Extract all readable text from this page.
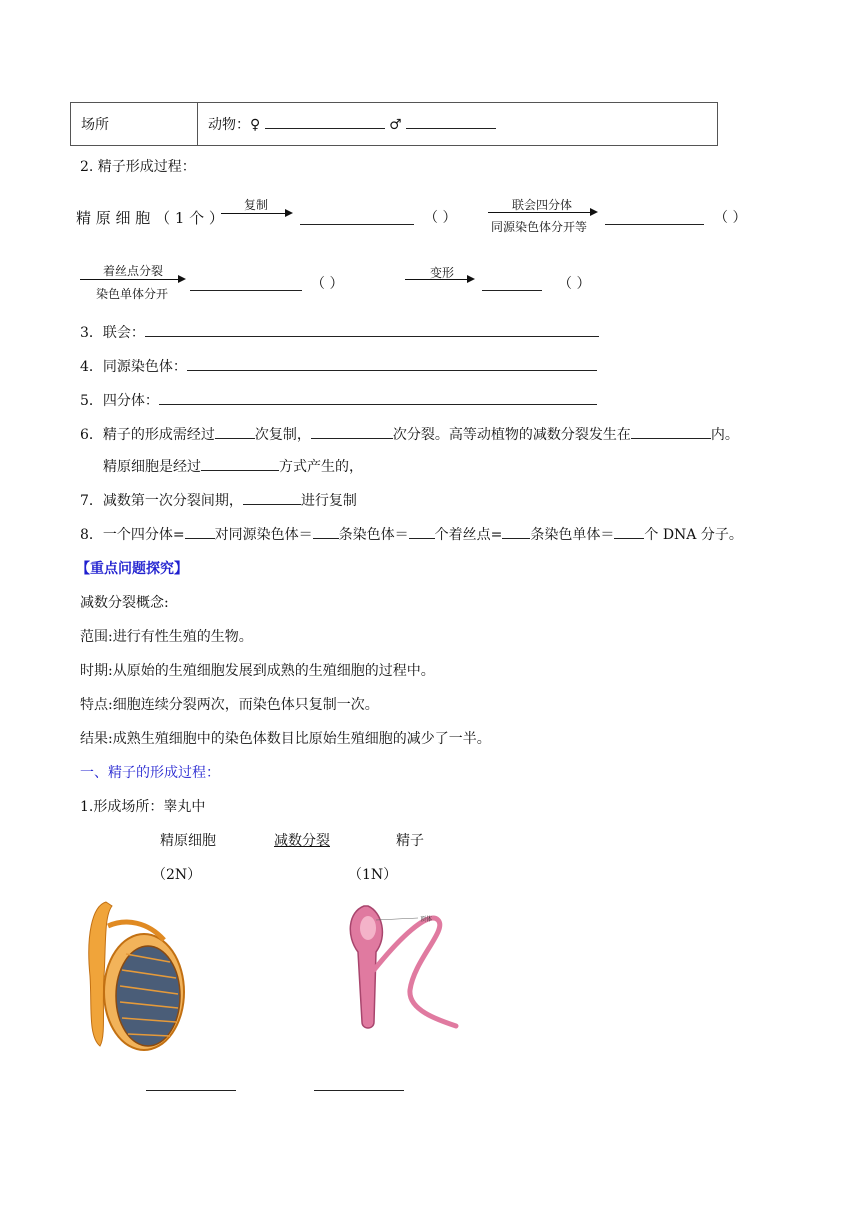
场所	动物：♀	♂
2. 精子形成过程：
精 原 细 胞 （ 1 个 ）
复制
（ ）
联会四分体
同源染色体分开等
（ ）
着丝点分裂
染色单体分开
（ ）
变形
（ ）
3．联会：
4．同源染色体：
5．四分体：
6．精子的形成需经过	次复制，	次分裂。高等动植物的减数分裂发生在	内。
精原细胞是经过	方式产生的，
7．减数第一次分裂间期，	进行复制
8．一个四分体= 对同源染色体＝ 条染色体＝ 个着丝点= 条染色单体＝ 个 DNA 分子。
【重点问题探究】
减数分裂概念:
范围:进行有性生殖的生物。
时期:从原始的生殖细胞发展到成熟的生殖细胞的过程中。
特点:细胞连续分裂两次，而染色体只复制一次。
结果:成熟生殖细胞中的染色体数目比原始生殖细胞的减少了一半。
一、精子的形成过程：
1.形成场所：睾丸中
精原细胞	减数分裂	精子
（2N）	（1N）
顶体
